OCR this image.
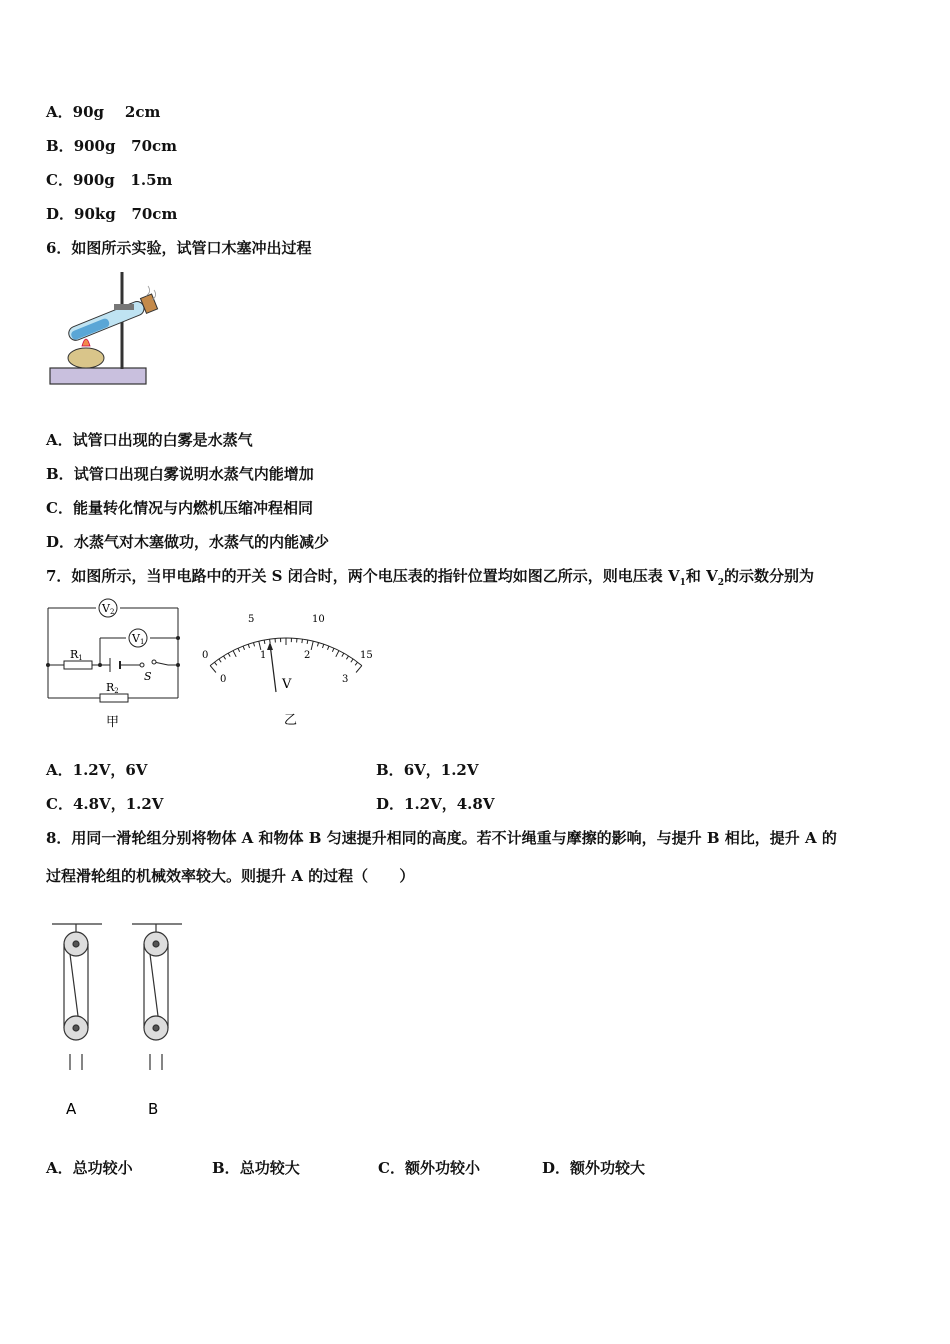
A．90g    2cm
B．900g   70cm
C．900g   1.5m
D．90kg   70cm
6．如图所示实验，试管口木塞冲出过程
A．试管口出现的白雾是水蒸气
B．试管口出现白雾说明水蒸气内能增加
C．能量转化情况与内燃机压缩冲程相同
D．水蒸气对木塞做功，水蒸气的内能减少
7．如图所示，当甲电路中的开关 S 闭合时，两个电压表的指针位置均如图乙所示，则电压表 $V_1$和 $V_2$的示数分别为
V2
V1
R1
S
R2
甲
0
5	10
15
0
1	2
3
V
乙
A．1.2V，6V	B．6V，1.2V
C．4.8V，1.2V	D．1.2V，4.8V
8．用同一滑轮组分别将物体 A 和物体 B 匀速提升相同的高度。若不计绳重与摩擦的影响，与提升 B 相比，提升 A 的
过程滑轮组的机械效率较大。则提升 A 的过程（      ）
A	B
A．总功较小	B．总功较大	C．额外功较小	D．额外功较大
